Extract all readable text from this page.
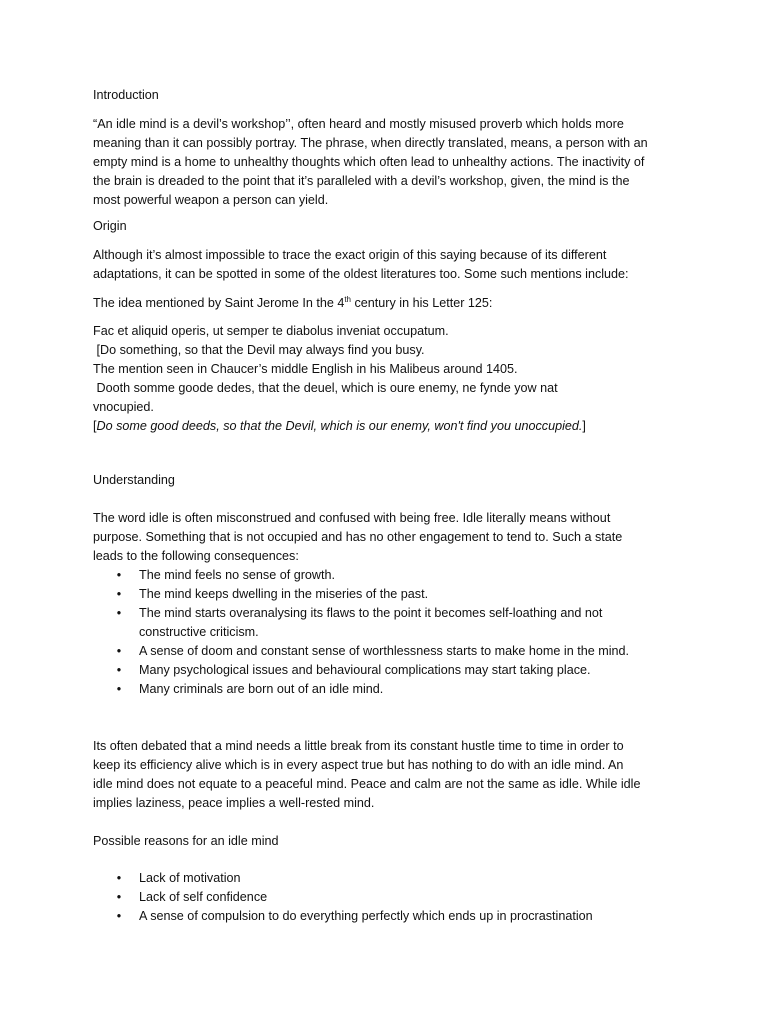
Introduction

“An idle mind is a devil’s workshop’’, often heard and mostly misused proverb which holds more
meaning than it can possibly portray. The phrase, when directly translated, means, a person with an
empty mind is a home to unhealthy thoughts which often lead to unhealthy actions. The inactivity of
the brain is dreaded to the point that it’s paralleled with a devil’s workshop, given, the mind is the
most powerful weapon a person can yield.

Origin

Although it’s almost impossible to trace the exact origin of this saying because of its different
adaptations, it can be spotted in some of the oldest literatures too. Some such mentions include:

The idea mentioned by Saint Jerome In the 4th century in his Letter 125:

Fac et aliquid operis, ut semper te diabolus inveniat occupatum.
[Do something, so that the Devil may always find you busy.
The mention seen in Chaucer’s middle English in his Malibeus around 1405.
Dooth somme goode dedes, that the deuel, which is oure enemy, ne fynde yow nat
vnocupied.
[Do some good deeds, so that the Devil, which is our enemy, won't find you unoccupied.]

Understanding

The word idle is often misconstrued and confused with being free. Idle literally means without
purpose. Something that is not occupied and has no other engagement to tend to. Such a state
leads to the following consequences:

• The mind feels no sense of growth.
• The mind keeps dwelling in the miseries of the past.
• The mind starts overanalysing its flaws to the point it becomes self-loathing and not
constructive criticism.
• A sense of doom and constant sense of worthlessness starts to make home in the mind.
• Many psychological issues and behavioural complications may start taking place.
• Many criminals are born out of an idle mind.

Its often debated that a mind needs a little break from its constant hustle time to time in order to
keep its efficiency alive which is in every aspect true but has nothing to do with an idle mind. An
idle mind does not equate to a peaceful mind. Peace and calm are not the same as idle. While idle
implies laziness, peace implies a well-rested mind.

Possible reasons for an idle mind

• Lack of motivation
• Lack of self confidence
• A sense of compulsion to do everything perfectly which ends up in procrastination
